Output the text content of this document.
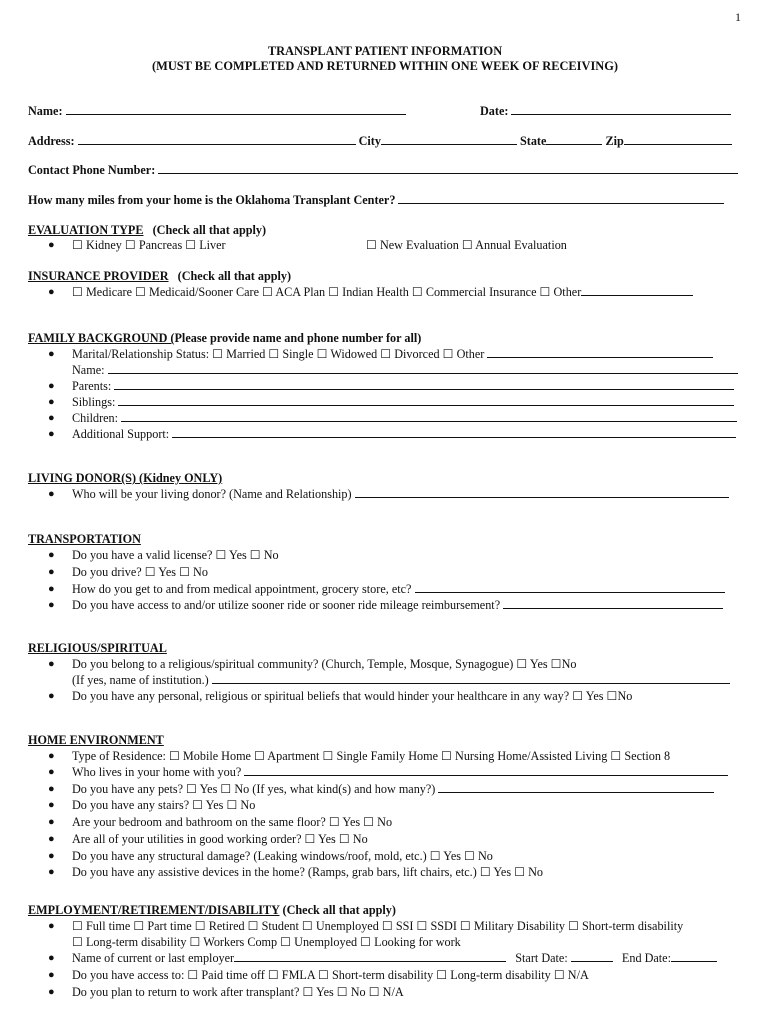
1
TRANSPLANT PATIENT INFORMATION
(MUST BE COMPLETED AND RETURNED WITHIN ONE WEEK OF RECEIVING)
Name:	Date:
Address:	City	State	Zip
Contact Phone Number:
How many miles from your home is the Oklahoma Transplant Center?
EVALUATION TYPE (Check all that apply)
● ☐ Kidney ☐ Pancreas ☐ Liver	☐ New Evaluation ☐ Annual Evaluation
INSURANCE PROVIDER (Check all that apply)
● ☐ Medicare ☐ Medicaid/Sooner Care ☐ ACA Plan ☐ Indian Health ☐ Commercial Insurance ☐ Other
FAMILY BACKGROUND (Please provide name and phone number for all)
● Marital/Relationship Status: ☐ Married ☐ Single ☐ Widowed ☐ Divorced ☐ Other
Name:
● Parents:
● Siblings:
● Children:
● Additional Support:
LIVING DONOR(S) (Kidney ONLY)
● Who will be your living donor? (Name and Relationship)
TRANSPORTATION
● Do you have a valid license? ☐ Yes ☐ No
● Do you drive? ☐ Yes ☐ No
● How do you get to and from medical appointment, grocery store, etc?
● Do you have access to and/or utilize sooner ride or sooner ride mileage reimbursement?
RELIGIOUS/SPIRITUAL
● Do you belong to a religious/spiritual community? (Church, Temple, Mosque, Synagogue) ☐ Yes ☐No
(If yes, name of institution.)
● Do you have any personal, religious or spiritual beliefs that would hinder your healthcare in any way? ☐ Yes ☐No
HOME ENVIRONMENT
● Type of Residence: ☐ Mobile Home ☐ Apartment ☐ Single Family Home ☐ Nursing Home/Assisted Living ☐ Section 8
● Who lives in your home with you?
● Do you have any pets? ☐ Yes ☐ No (If yes, what kind(s) and how many?)
● Do you have any stairs? ☐ Yes ☐ No
● Are your bedroom and bathroom on the same floor? ☐ Yes ☐ No
● Are all of your utilities in good working order? ☐ Yes ☐ No
● Do you have any structural damage? (Leaking windows/roof, mold, etc.) ☐ Yes ☐ No
● Do you have any assistive devices in the home? (Ramps, grab bars, lift chairs, etc.) ☐ Yes ☐ No
EMPLOYMENT/RETIREMENT/DISABILITY (Check all that apply)
● ☐ Full time ☐ Part time ☐ Retired ☐ Student ☐ Unemployed ☐ SSI ☐ SSDI ☐ Military Disability ☐ Short-term disability
☐ Long-term disability ☐ Workers Comp ☐ Unemployed ☐ Looking for work
● Name of current or last employer	Start Date:	End Date:
● Do you have access to: ☐ Paid time off ☐ FMLA ☐ Short-term disability ☐ Long-term disability ☐ N/A
● Do you plan to return to work after transplant? ☐ Yes ☐ No ☐ N/A
